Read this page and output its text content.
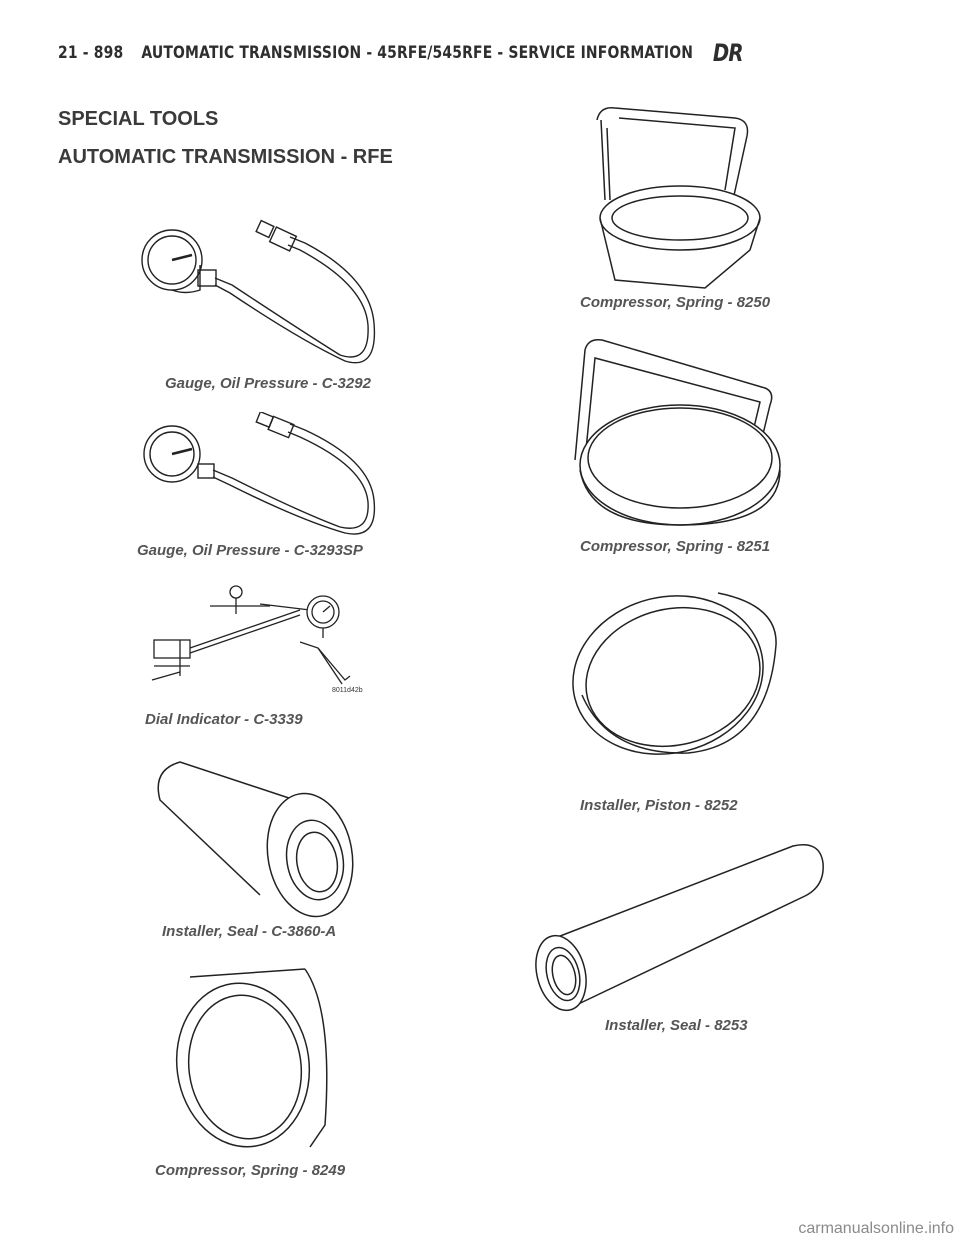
21 - 898 AUTOMATIC TRANSMISSION - 45RFE/545RFE - SERVICE INFORMATION DR
SPECIAL TOOLS
AUTOMATIC TRANSMISSION - RFE
Gauge, Oil Pressure - C-3292
Gauge, Oil Pressure - C-3293SP
8011d42b
Dial Indicator - C-3339
Installer, Seal - C-3860-A
Compressor, Spring - 8249
Compressor, Spring - 8250
Compressor, Spring - 8251
Installer, Piston - 8252
Installer, Seal - 8253
carmanualsonline.info
